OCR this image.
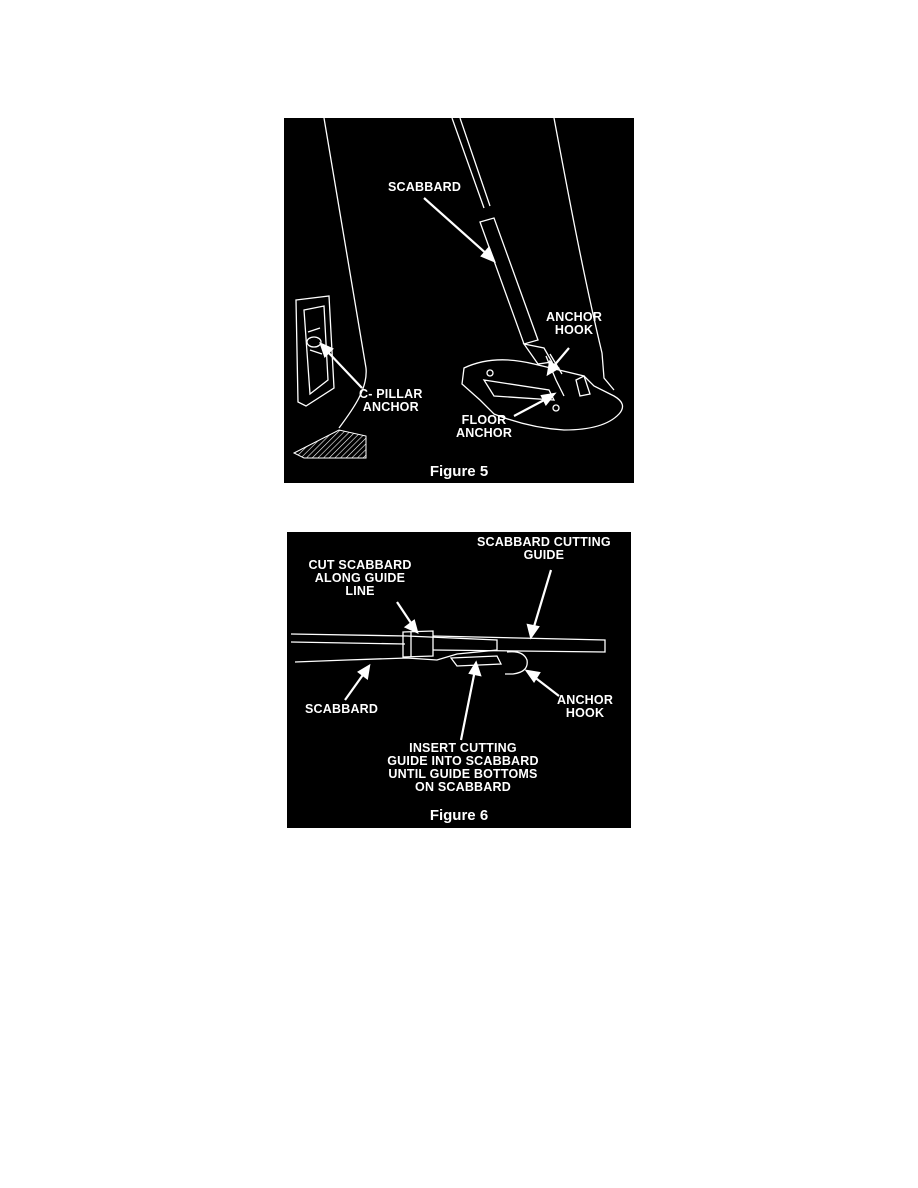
SCABBARD
ANCHOR
HOOK
C- PILLAR
ANCHOR
FLOOR
ANCHOR
Figure 5
SCABBARD CUTTING
GUIDE
CUT SCABBARD
ALONG GUIDE
LINE
SCABBARD
ANCHOR
HOOK
INSERT CUTTING
GUIDE INTO SCABBARD
UNTIL GUIDE BOTTOMS
ON SCABBARD
Figure 6
